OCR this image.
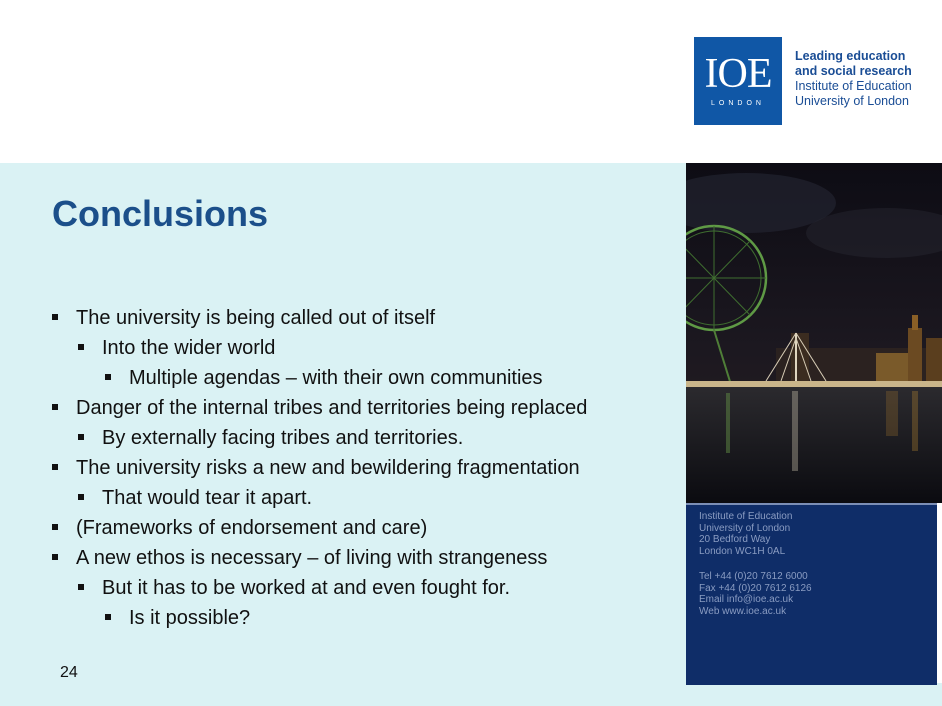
IOE
LONDON
Leading education
and social research
Institute of Education
University of London
Conclusions
The university is being called out of itself
Into the wider world
Multiple agendas – with their own communities
Danger of the internal tribes and territories being replaced
By externally facing tribes and territories.
The university risks a new and bewildering fragmentation
That would tear it apart.
(Frameworks of endorsement and care)
A new ethos is necessary – of living with strangeness
But it has to be worked at and even fought for.
Is it possible?
24
Institute of Education
University of London
20 Bedford Way
London WC1H 0AL
Tel +44 (0)20 7612 6000
Fax +44 (0)20 7612 6126
Email info@ioe.ac.uk
Web www.ioe.ac.uk
